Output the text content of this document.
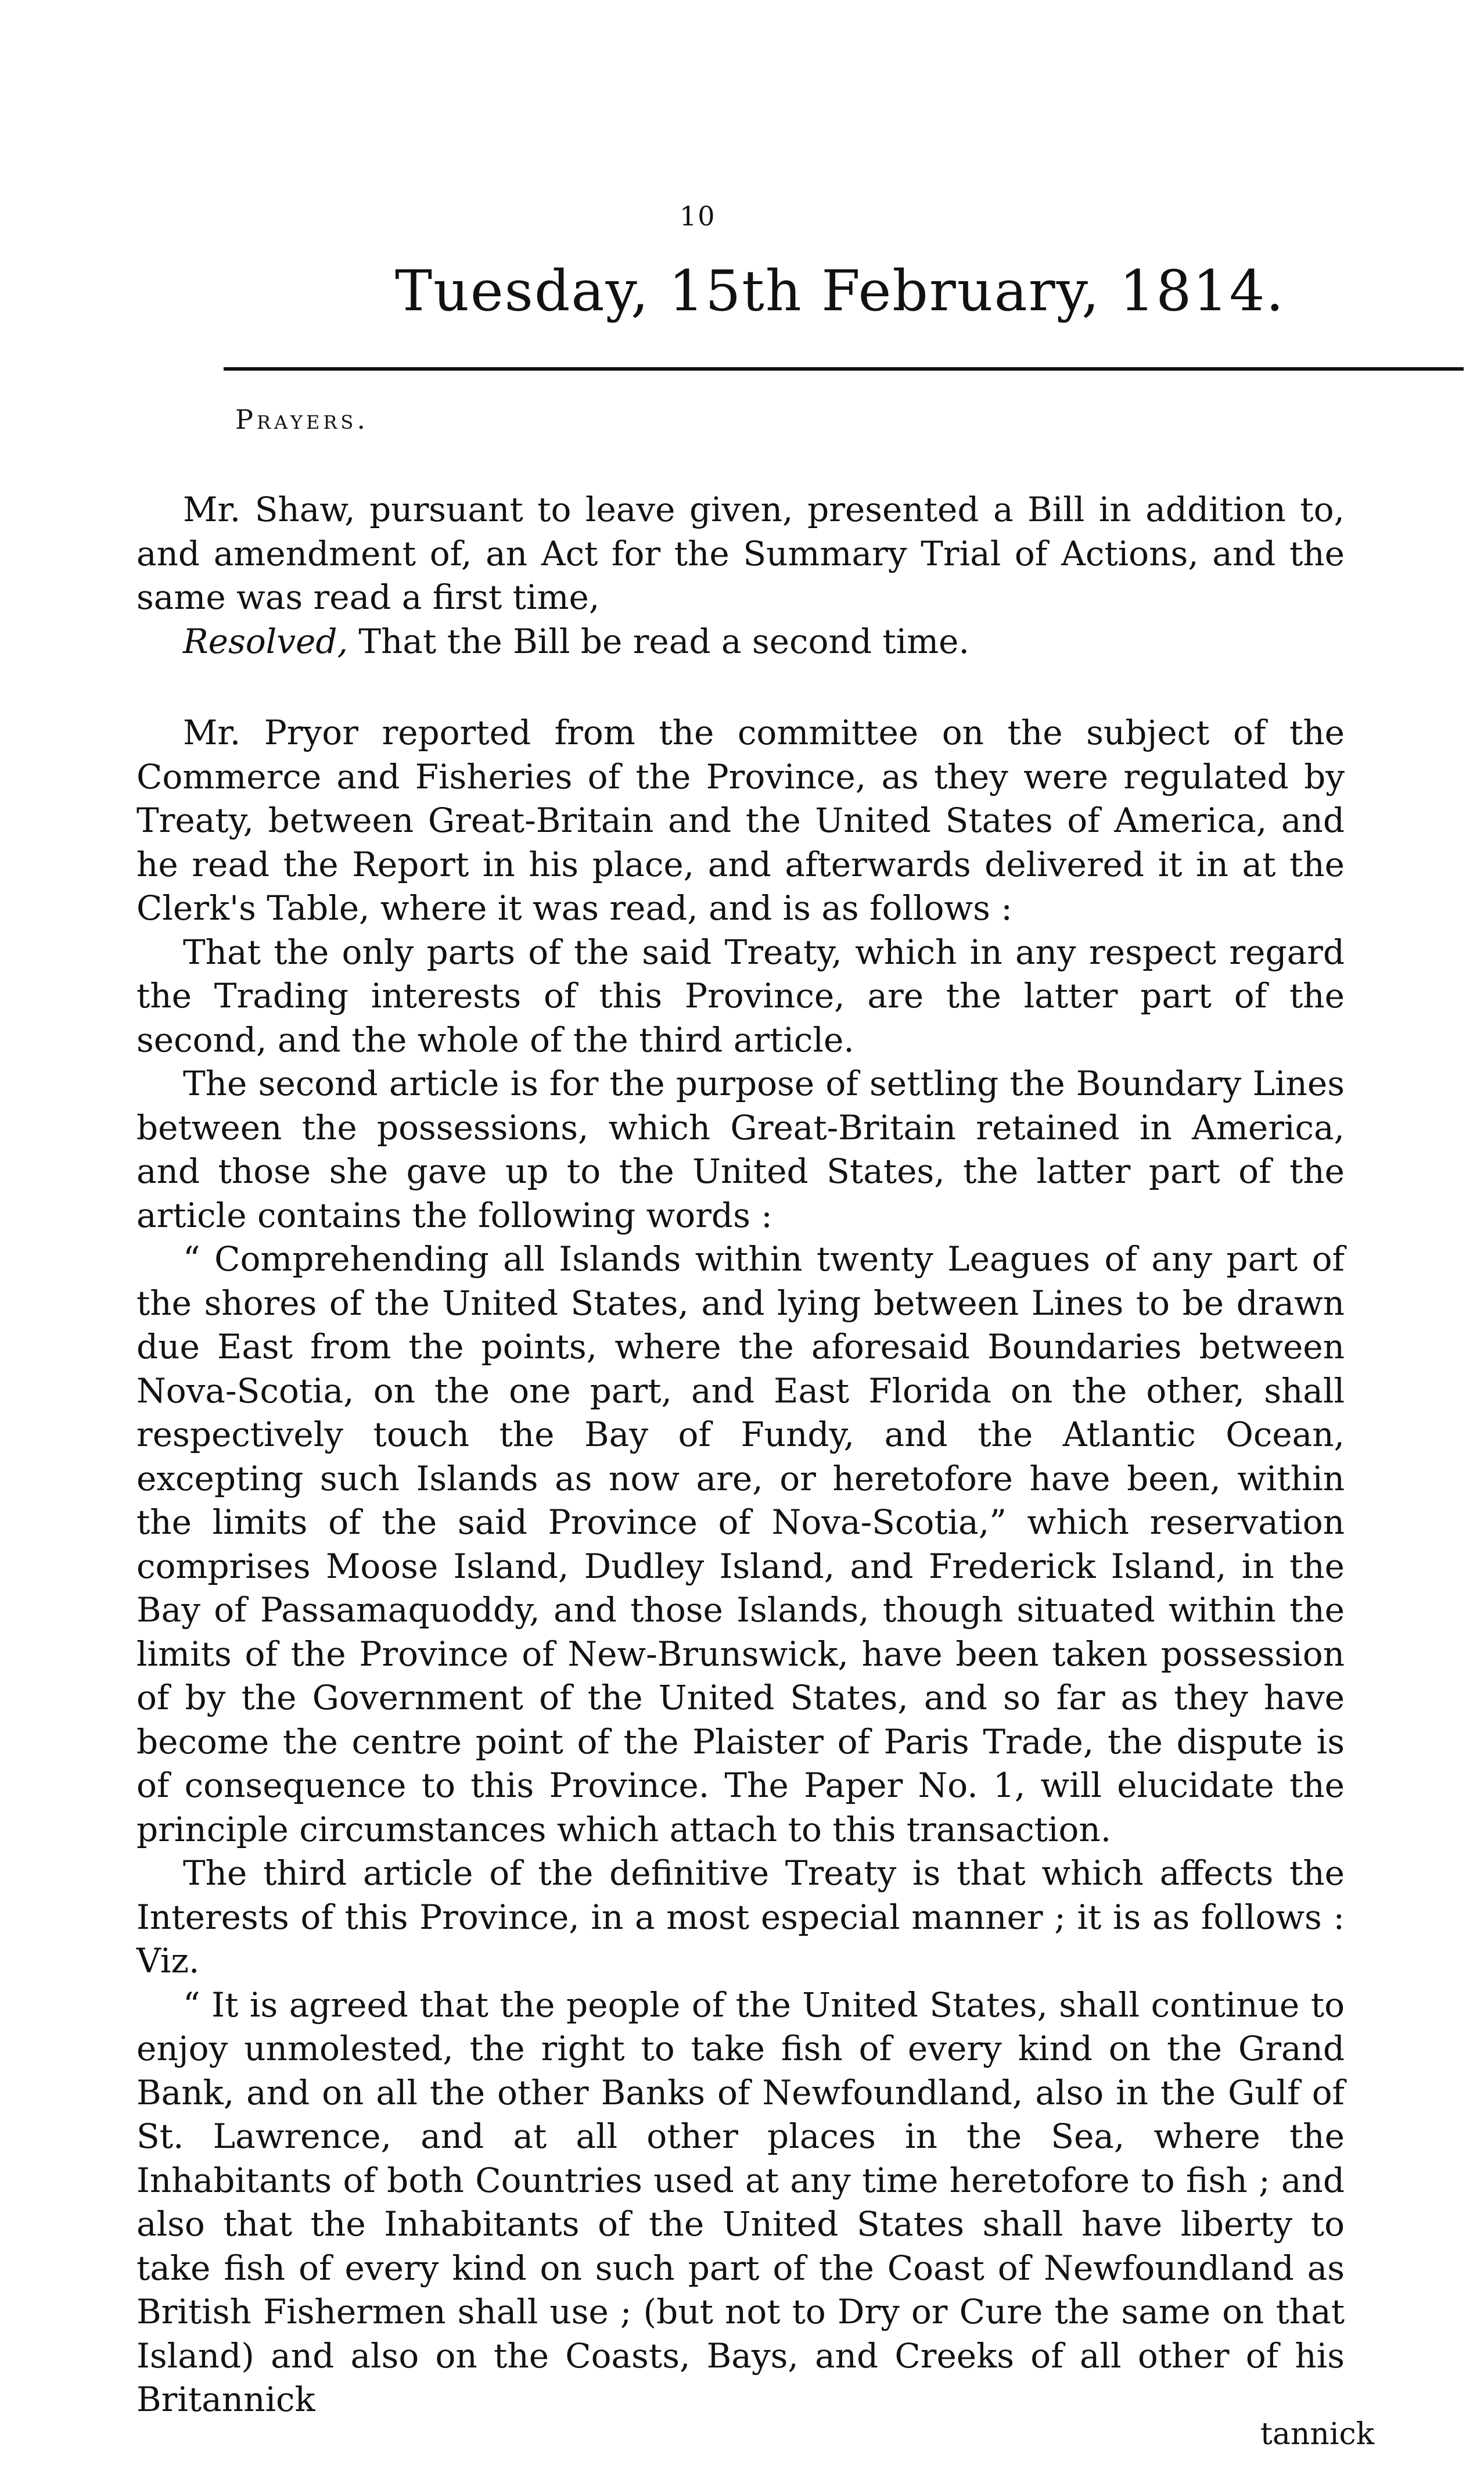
10
Tuesday, 15th February, 1814.
Prayers.

Mr. Shaw, pursuant to leave given, presented a Bill in addition to, and amendment of, an Act for the Summary Trial of Actions, and the same was read a first time,

Resolved, That the Bill be read a second time.

Mr. Pryor reported from the committee on the subject of the Commerce and Fisheries of the Province, as they were regulated by Treaty, between Great-Britain and the United States of America, and he read the Report in his place, and afterwards delivered it in at the Clerk's Table, where it was read, and is as follows :

That the only parts of the said Treaty, which in any respect regard the Trading interests of this Province, are the latter part of the second, and the whole of the third article.

The second article is for the purpose of settling the Boundary Lines between the possessions, which Great-Britain retained in America, and those she gave up to the United States, the latter part of the article contains the following words :

“ Comprehending all Islands within twenty Leagues of any part of the shores of the United States, and lying between Lines to be drawn due East from the points, where the aforesaid Boundaries between Nova-Scotia, on the one part, and East Florida on the other, shall respectively touch the Bay of Fundy, and the Atlantic Ocean, excepting such Islands as now are, or heretofore have been, within the limits of the said Province of Nova-Scotia,” which reservation comprises Moose Island, Dudley Island, and Frederick Island, in the Bay of Passamaquoddy, and those Islands, though situated within the limits of the Province of New-Brunswick, have been taken possession of by the Government of the United States, and so far as they have become the centre point of the Plaister of Paris Trade, the dispute is of consequence to this Province. The Paper No. 1, will elucidate the principle circumstances which attach to this transaction.

The third article of the definitive Treaty is that which affects the Interests of this Province, in a most especial manner ; it is as follows : Viz.

“ It is agreed that the people of the United States, shall continue to enjoy unmolested, the right to take fish of every kind on the Grand Bank, and on all the other Banks of Newfoundland, also in the Gulf of St. Lawrence, and at all other places in the Sea, where the Inhabitants of both Countries used at any time heretofore to fish ; and also that the Inhabitants of the United States shall have liberty to take fish of every kind on such part of the Coast of Newfoundland as British Fishermen shall use ; (but not to Dry or Cure the same on that Island) and also on the Coasts, Bays, and Creeks of all other of his Britannick

tannick
